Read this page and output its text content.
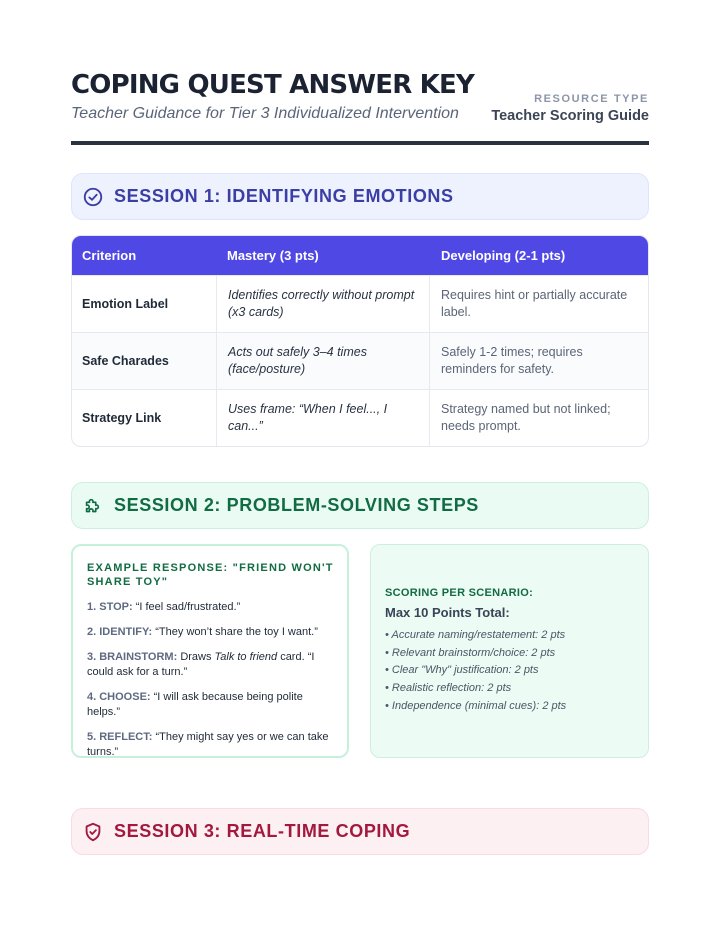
COPING QUEST ANSWER KEY
Teacher Guidance for Tier 3 Individualized Intervention
RESOURCE TYPE
Teacher Scoring Guide
SESSION 1: IDENTIFYING EMOTIONS
Criterion	Mastery (3 pts)	Developing (2-1 pts)
Emotion Label
Identifies correctly without prompt (x3 cards)
Requires hint or partially accurate label.
Safe Charades
Acts out safely 3–4 times (face/posture)
Safely 1-2 times; requires reminders for safety.
Strategy Link
Uses frame: “When I feel..., I can...”
Strategy named but not linked; needs prompt.
SESSION 2: PROBLEM-SOLVING STEPS
EXAMPLE RESPONSE: "FRIEND WON'T SHARE TOY"
1. STOP: “I feel sad/frustrated.”
2. IDENTIFY: “They won’t share the toy I want.”
3. BRAINSTORM: Draws Talk to friend card. “I could ask for a turn.”
4. CHOOSE: “I will ask because being polite helps.”
5. REFLECT: “They might say yes or we can take turns.”
SCORING PER SCENARIO:
Max 10 Points Total:
• Accurate naming/restatement: 2 pts
• Relevant brainstorm/choice: 2 pts
• Clear "Why" justification: 2 pts
• Realistic reflection: 2 pts
• Independence (minimal cues): 2 pts
SESSION 3: REAL-TIME COPING
